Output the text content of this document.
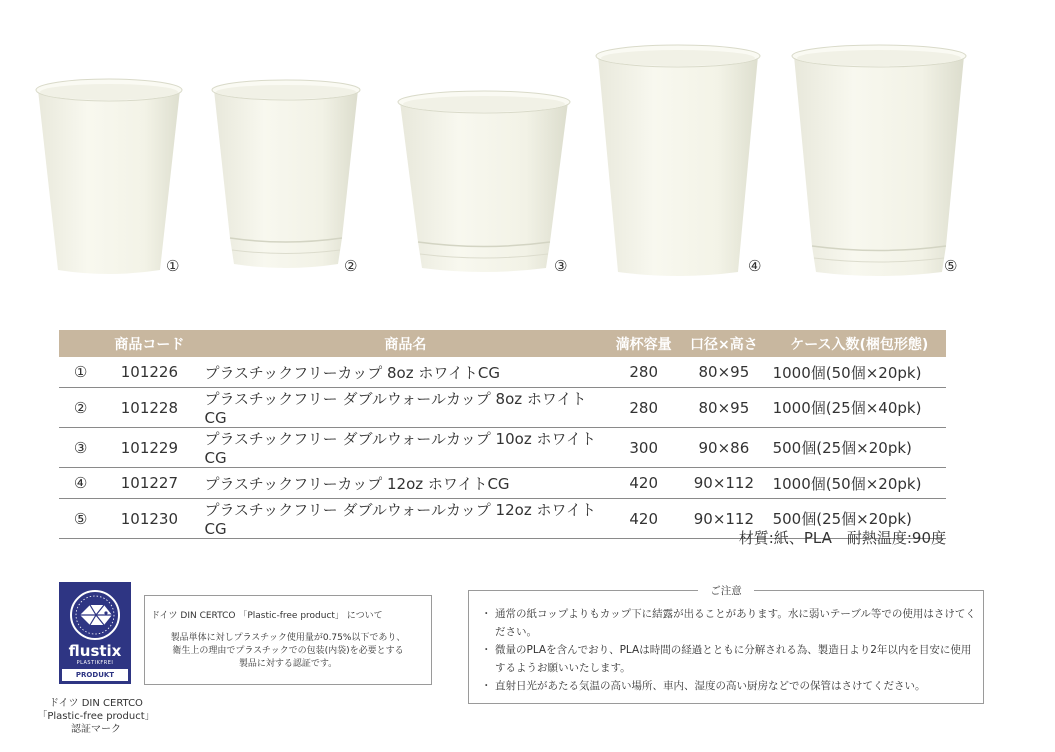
①	②	③	④	⑤
	商品コード	商品名	満杯容量	口径×高さ	ケース入数(梱包形態)
①	101226	プラスチックフリーカップ 8oz ホワイトCG	280	80×95	1000個(50個×20pk)
②	101228	プラスチックフリー ダブルウォールカップ 8oz ホワイトCG	280	80×95	1000個(25個×40pk)
③	101229	プラスチックフリー ダブルウォールカップ 10oz ホワイトCG	300	90×86	500個(25個×20pk)
④	101227	プラスチックフリーカップ 12oz ホワイトCG	420	90×112	1000個(50個×20pk)
⑤	101230	プラスチックフリー ダブルウォールカップ 12oz ホワイトCG	420	90×112	500個(25個×20pk)
材質:紙、PLA　耐熱温度:90度
flustix
PLASTIKFREI
PRODUKT
ドイツ DIN CERTCO
「Plastic-free product」
認証マーク
ドイツ DIN CERTCO 「Plastic-free product」 について
製品単体に対しプラスチック使用量が0.75%以下であり、
衛生上の理由でプラスチックでの包装(内袋)を必要とする
製品に対する認証です。
ご注意
・ 通常の紙コップよりもカップ下に結露が出ることがあります。水に弱いテーブル等での使用はさけてください。
・ 微量のPLAを含んでおり、PLAは時間の経過とともに分解される為、製造日より2年以内を目安に使用するようお願いいたします。
・ 直射日光があたる気温の高い場所、車内、湿度の高い厨房などでの保管はさけてください。
